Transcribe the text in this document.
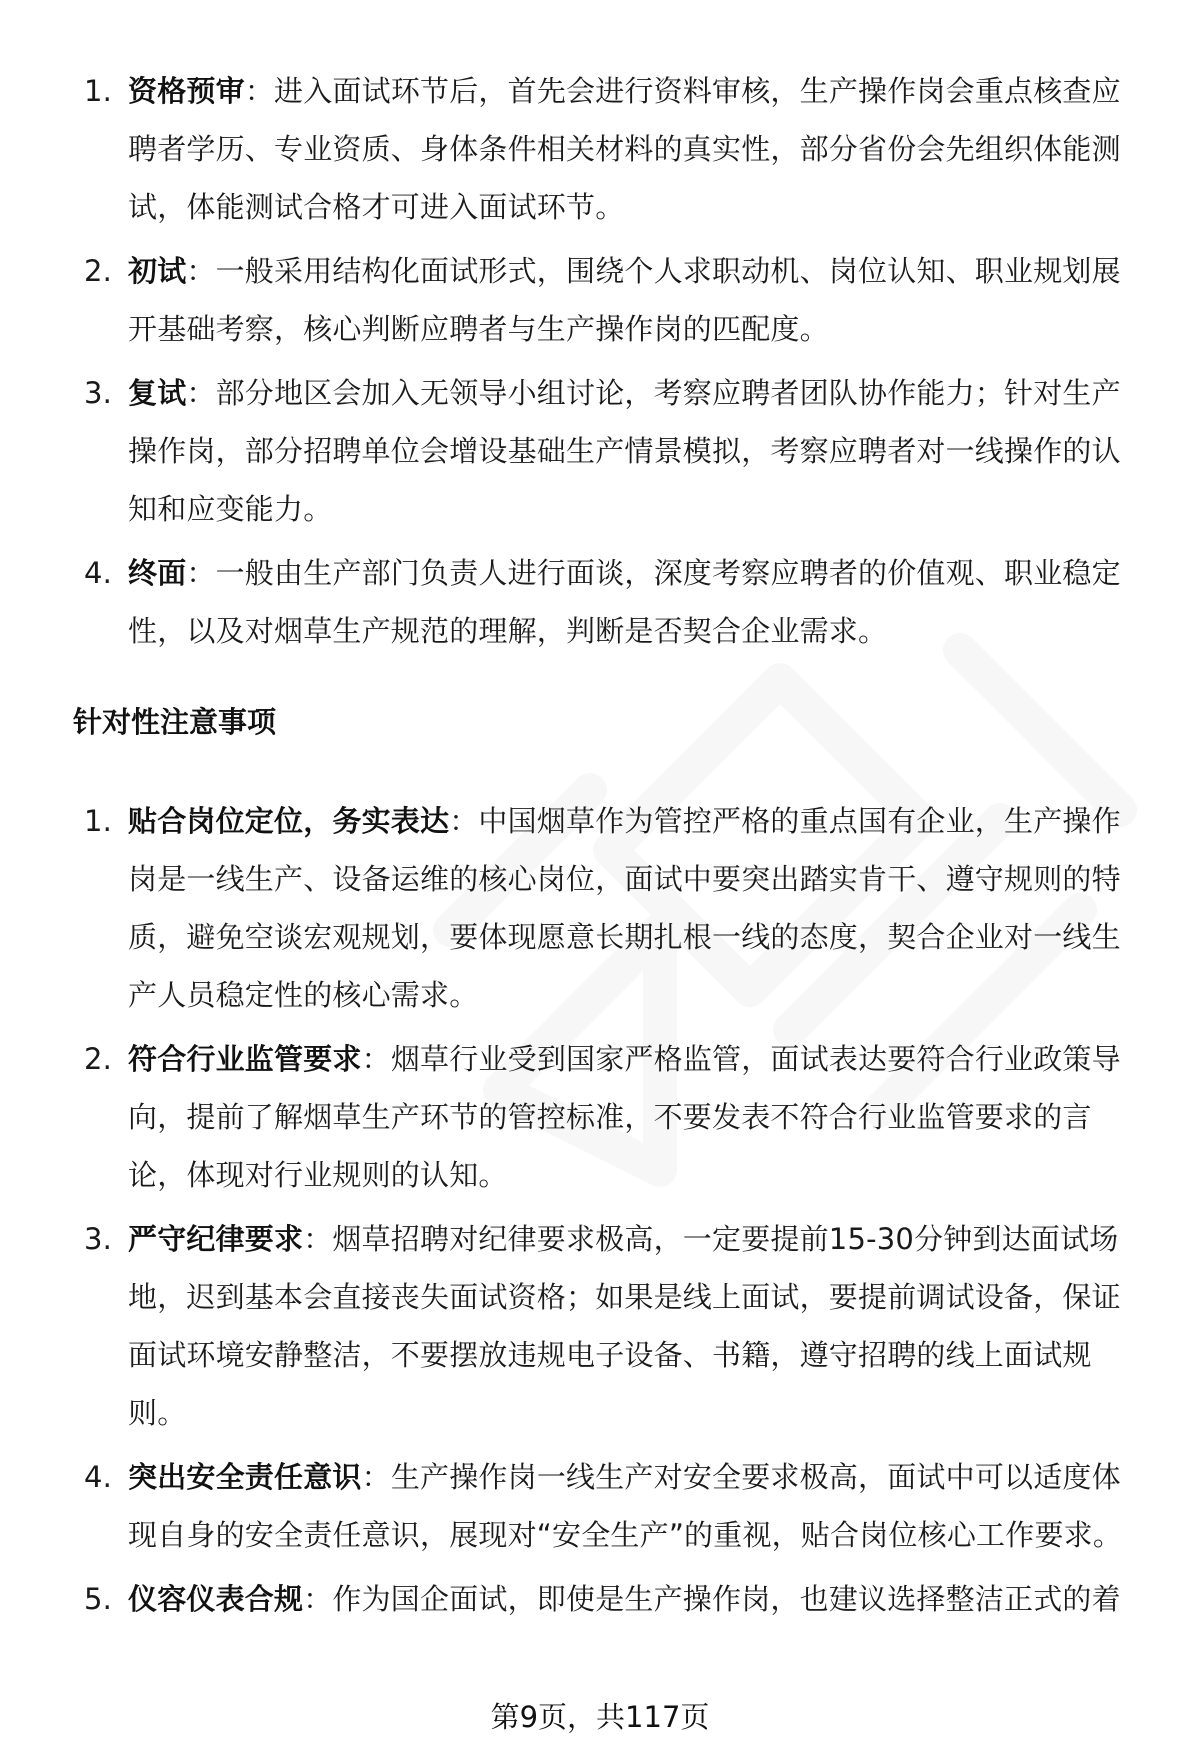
1. 资格预审：进入面试环节后，首先会进行资料审核，生产操作岗会重点核查应聘者学历、专业资质、身体条件相关材料的真实性，部分省份会先组织体能测试，体能测试合格才可进入面试环节。
2. 初试：一般采用结构化面试形式，围绕个人求职动机、岗位认知、职业规划展开基础考察，核心判断应聘者与生产操作岗的匹配度。
3. 复试：部分地区会加入无领导小组讨论，考察应聘者团队协作能力；针对生产操作岗，部分招聘单位会增设基础生产情景模拟，考察应聘者对一线操作的认知和应变能力。
4. 终面：一般由生产部门负责人进行面谈，深度考察应聘者的价值观、职业稳定性，以及对烟草生产规范的理解，判断是否契合企业需求。
针对性注意事项
1. 贴合岗位定位，务实表达：中国烟草作为管控严格的重点国有企业，生产操作岗是一线生产、设备运维的核心岗位，面试中要突出踏实肯干、遵守规则的特质，避免空谈宏观规划，要体现愿意长期扎根一线的态度，契合企业对一线生产人员稳定性的核心需求。
2. 符合行业监管要求：烟草行业受到国家严格监管，面试表达要符合行业政策导向，提前了解烟草生产环节的管控标准，不要发表不符合行业监管要求的言论，体现对行业规则的认知。
3. 严守纪律要求：烟草招聘对纪律要求极高，一定要提前15-30分钟到达面试场地，迟到基本会直接丧失面试资格；如果是线上面试，要提前调试设备，保证面试环境安静整洁，不要摆放违规电子设备、书籍，遵守招聘的线上面试规则。
4. 突出安全责任意识：生产操作岗一线生产对安全要求极高，面试中可以适度体现自身的安全责任意识，展现对“安全生产”的重视，贴合岗位核心工作要求。
5. 仪容仪表合规：作为国企面试，即使是生产操作岗，也建议选择整洁正式的着
第9页，共117页
